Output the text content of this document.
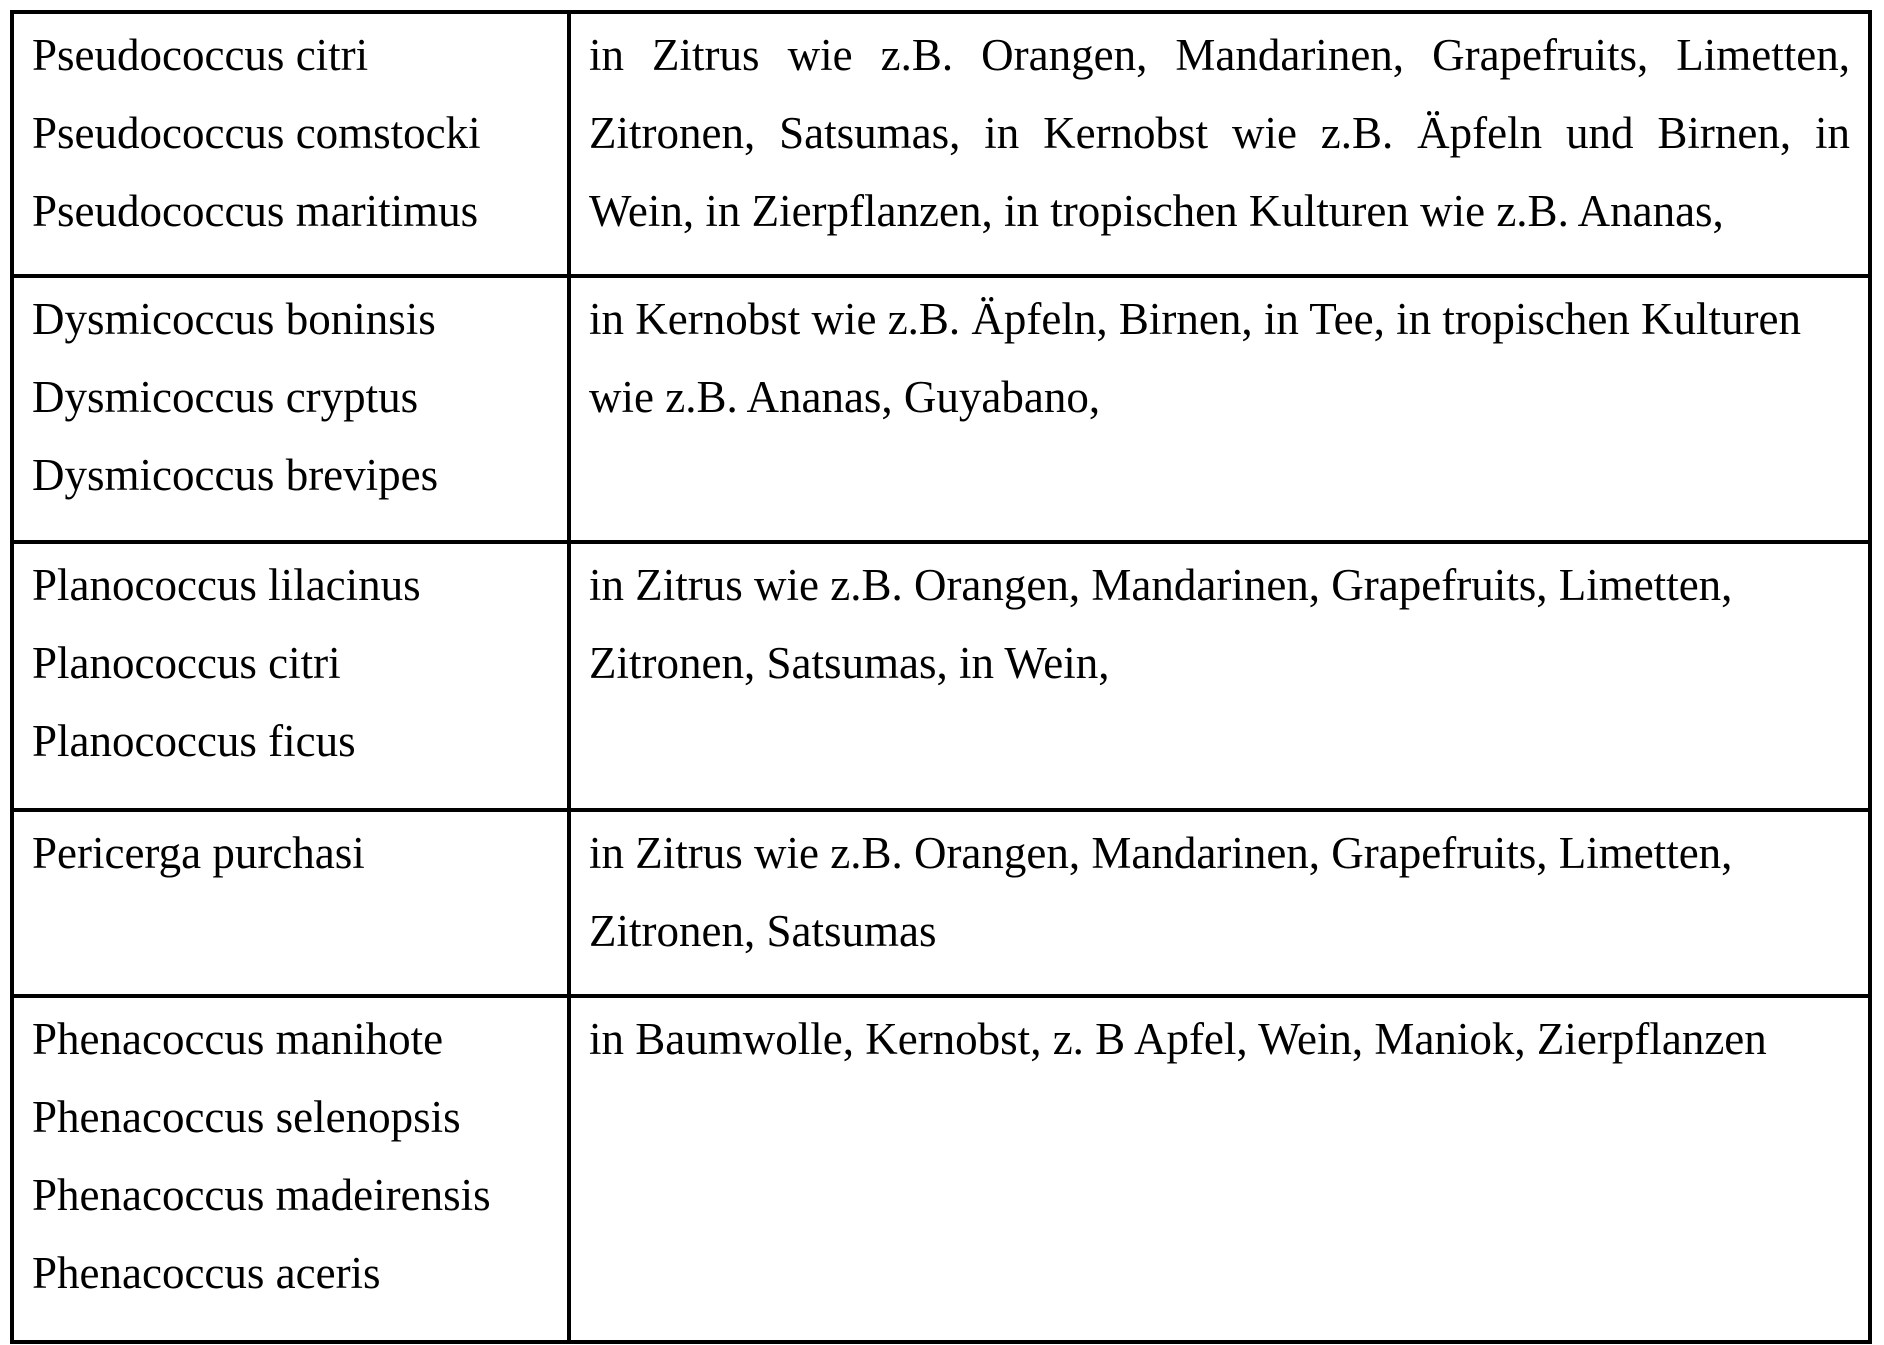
Pseudococcus citri
Pseudococcus comstocki
Pseudococcus maritimus	in Zitrus wie z.B. Orangen, Mandarinen, Grapefruits, Limetten, Zitronen, Satsumas, in Kernobst wie z.B. Äpfeln und Birnen, in Wein, in Zierpflanzen, in tropischen Kulturen wie z.B. Ananas,

Dysmicoccus boninsis
Dysmicoccus cryptus
Dysmicoccus brevipes	in Kernobst wie z.B. Äpfeln, Birnen, in Tee, in tropischen Kulturen wie z.B. Ananas, Guyabano,

Planococcus lilacinus
Planococcus citri
Planococcus ficus	in Zitrus wie z.B. Orangen, Mandarinen, Grapefruits, Limetten, Zitronen, Satsumas, in Wein,

Pericerga purchasi	in Zitrus wie z.B. Orangen, Mandarinen, Grapefruits, Limetten, Zitronen, Satsumas

Phenacoccus manihote
Phenacoccus selenopsis
Phenacoccus madeirensis
Phenacoccus aceris	in Baumwolle, Kernobst, z. B Apfel, Wein, Maniok, Zierpflanzen
